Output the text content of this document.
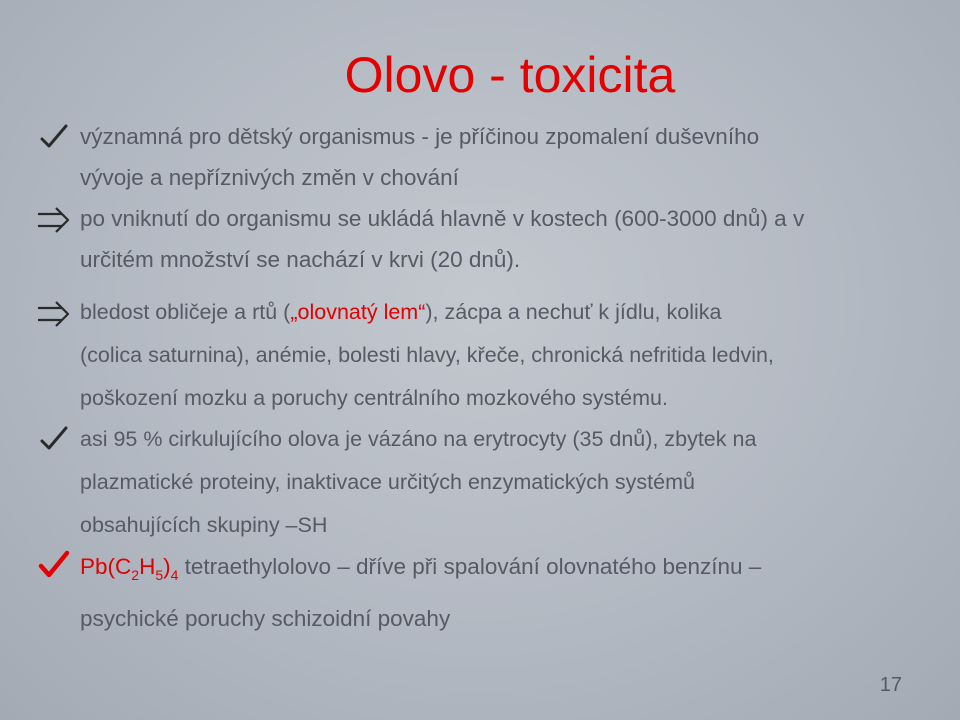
Olovo - toxicita
významná pro dětský organismus - je příčinou zpomalení duševního
vývoje a nepříznivých změn v chování
po vniknutí do organismu se ukládá hlavně v kostech (600-3000 dnů) a v
určitém množství se nachází v krvi (20 dnů).
bledost obličeje a rtů („olovnatý lem“), zácpa a nechuť k jídlu, kolika
(colica saturnina), anémie, bolesti hlavy, křeče, chronická nefritida ledvin,
poškození mozku a poruchy centrálního mozkového systému.
asi 95 % cirkulujícího olova je vázáno na erytrocyty (35 dnů), zbytek na
plazmatické proteiny, inaktivace určitých enzymatických systémů
obsahujících skupiny –SH
$Pb(C_2H_5)_4$ tetraethylolovo – dříve při spalování olovnatého benzínu –
psychické poruchy schizoidní povahy
17
